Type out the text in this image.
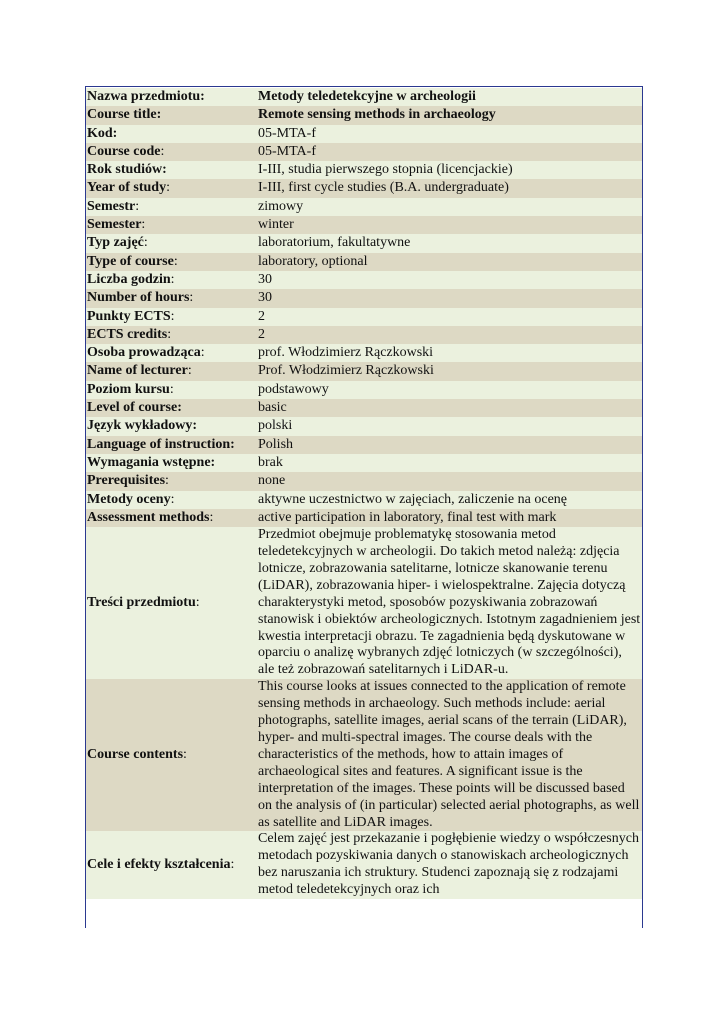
Nazwa przedmiotu:	Metody teledetekcyjne w archeologii
Course title:	Remote sensing methods in archaeology
Kod:	05-MTA-f
Course code:	05-MTA-f
Rok studiów:	I-III, studia pierwszego stopnia (licencjackie)
Year of study:	I-III, first cycle studies (B.A. undergraduate)
Semestr:	zimowy
Semester:	winter
Typ zajęć:	laboratorium, fakultatywne
Type of course:	laboratory, optional
Liczba godzin:	30
Number of hours:	30
Punkty ECTS:	2
ECTS credits:	2
Osoba prowadząca:	prof. Włodzimierz Rączkowski
Name of lecturer:	Prof. Włodzimierz Rączkowski
Poziom kursu:	podstawowy
Level of course:	basic
Język wykładowy:	polski
Language of instruction:	Polish
Wymagania wstępne:	brak
Prerequisites:	none
Metody oceny:	aktywne uczestnictwo w zajęciach, zaliczenie na ocenę
Assessment methods:	active participation in laboratory, final test with mark
Treści przedmiotu:
Przedmiot obejmuje problematykę stosowania metod teledetekcyjnych w archeologii. Do takich metod należą: zdjęcia lotnicze, zobrazowania satelitarne, lotnicze skanowanie terenu (LiDAR), zobrazowania hiper- i wielospektralne. Zajęcia dotyczą charakterystyki metod, sposobów pozyskiwania zobrazowań stanowisk i obiektów archeologicznych. Istotnym zagadnieniem jest kwestia interpretacji obrazu. Te zagadnienia będą dyskutowane w oparciu o analizę wybranych zdjęć lotniczych (w szczególności), ale też zobrazowań satelitarnych i LiDAR-u.
Course contents:
This course looks at issues connected to the application of remote sensing methods in archaeology. Such methods include: aerial photographs, satellite images, aerial scans of the terrain (LiDAR), hyper- and multi-spectral images. The course deals with the characteristics of the methods, how to attain images of archaeological sites and features. A significant issue is the interpretation of the images. These points will be discussed based on the analysis of (in particular) selected aerial photographs, as well as satellite and LiDAR images.
Cele i efekty kształcenia:
Celem zajęć jest przekazanie i pogłębienie wiedzy o współczesnych metodach pozyskiwania danych o stanowiskach archeologicznych bez naruszania ich struktury. Studenci zapoznają się z rodzajami metod teledetekcyjnych oraz ich
